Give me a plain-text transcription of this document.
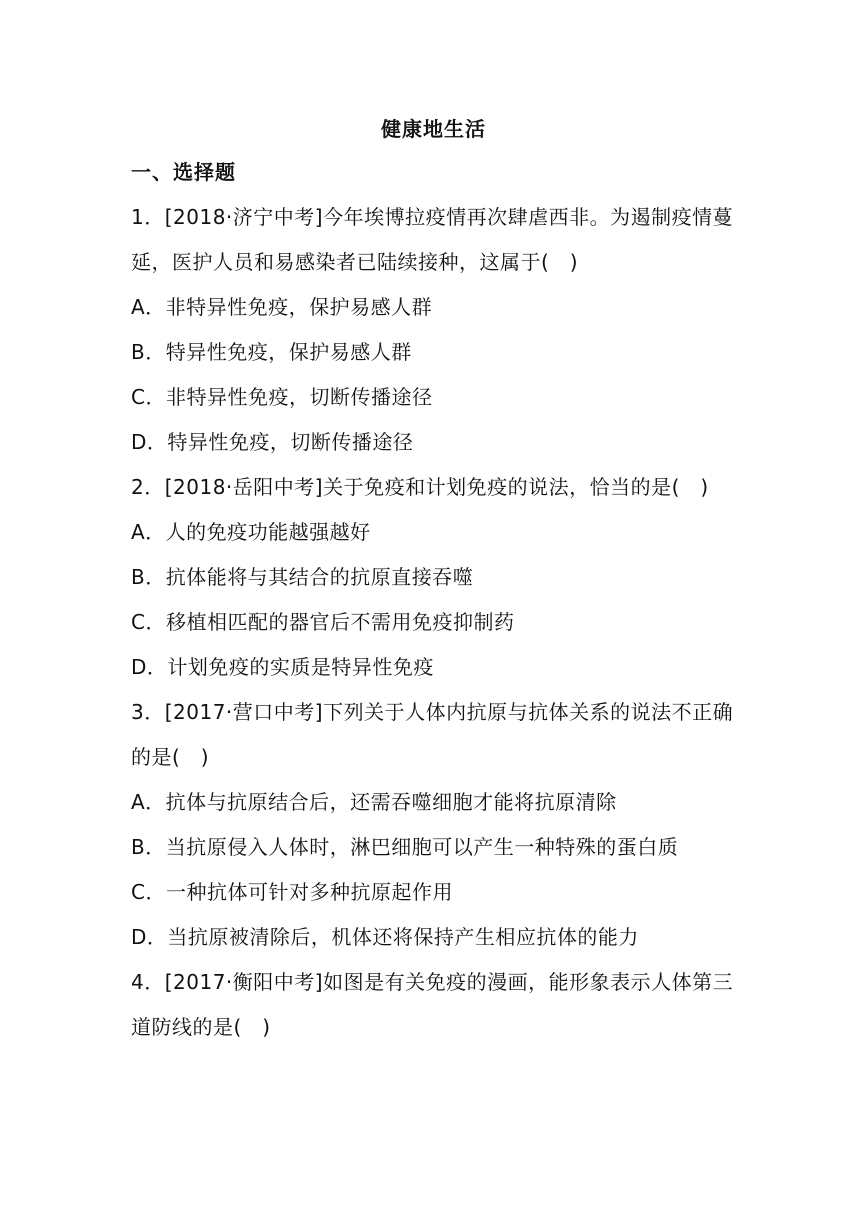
健康地生活
一、选择题
1．[2018·济宁中考]今年埃博拉疫情再次肆虐西非。为遏制疫情蔓
延，医护人员和易感染者已陆续接种，这属于(　)
A．非特异性免疫，保护易感人群
B．特异性免疫，保护易感人群
C．非特异性免疫，切断传播途径
D．特异性免疫，切断传播途径
2．[2018·岳阳中考]关于免疫和计划免疫的说法，恰当的是(　)
A．人的免疫功能越强越好
B．抗体能将与其结合的抗原直接吞噬
C．移植相匹配的器官后不需用免疫抑制药
D．计划免疫的实质是特异性免疫
3．[2017·营口中考]下列关于人体内抗原与抗体关系的说法不正确
的是(　)
A．抗体与抗原结合后，还需吞噬细胞才能将抗原清除
B．当抗原侵入人体时，淋巴细胞可以产生一种特殊的蛋白质
C．一种抗体可针对多种抗原起作用
D．当抗原被清除后，机体还将保持产生相应抗体的能力
4．[2017·衡阳中考]如图是有关免疫的漫画，能形象表示人体第三
道防线的是(　)
